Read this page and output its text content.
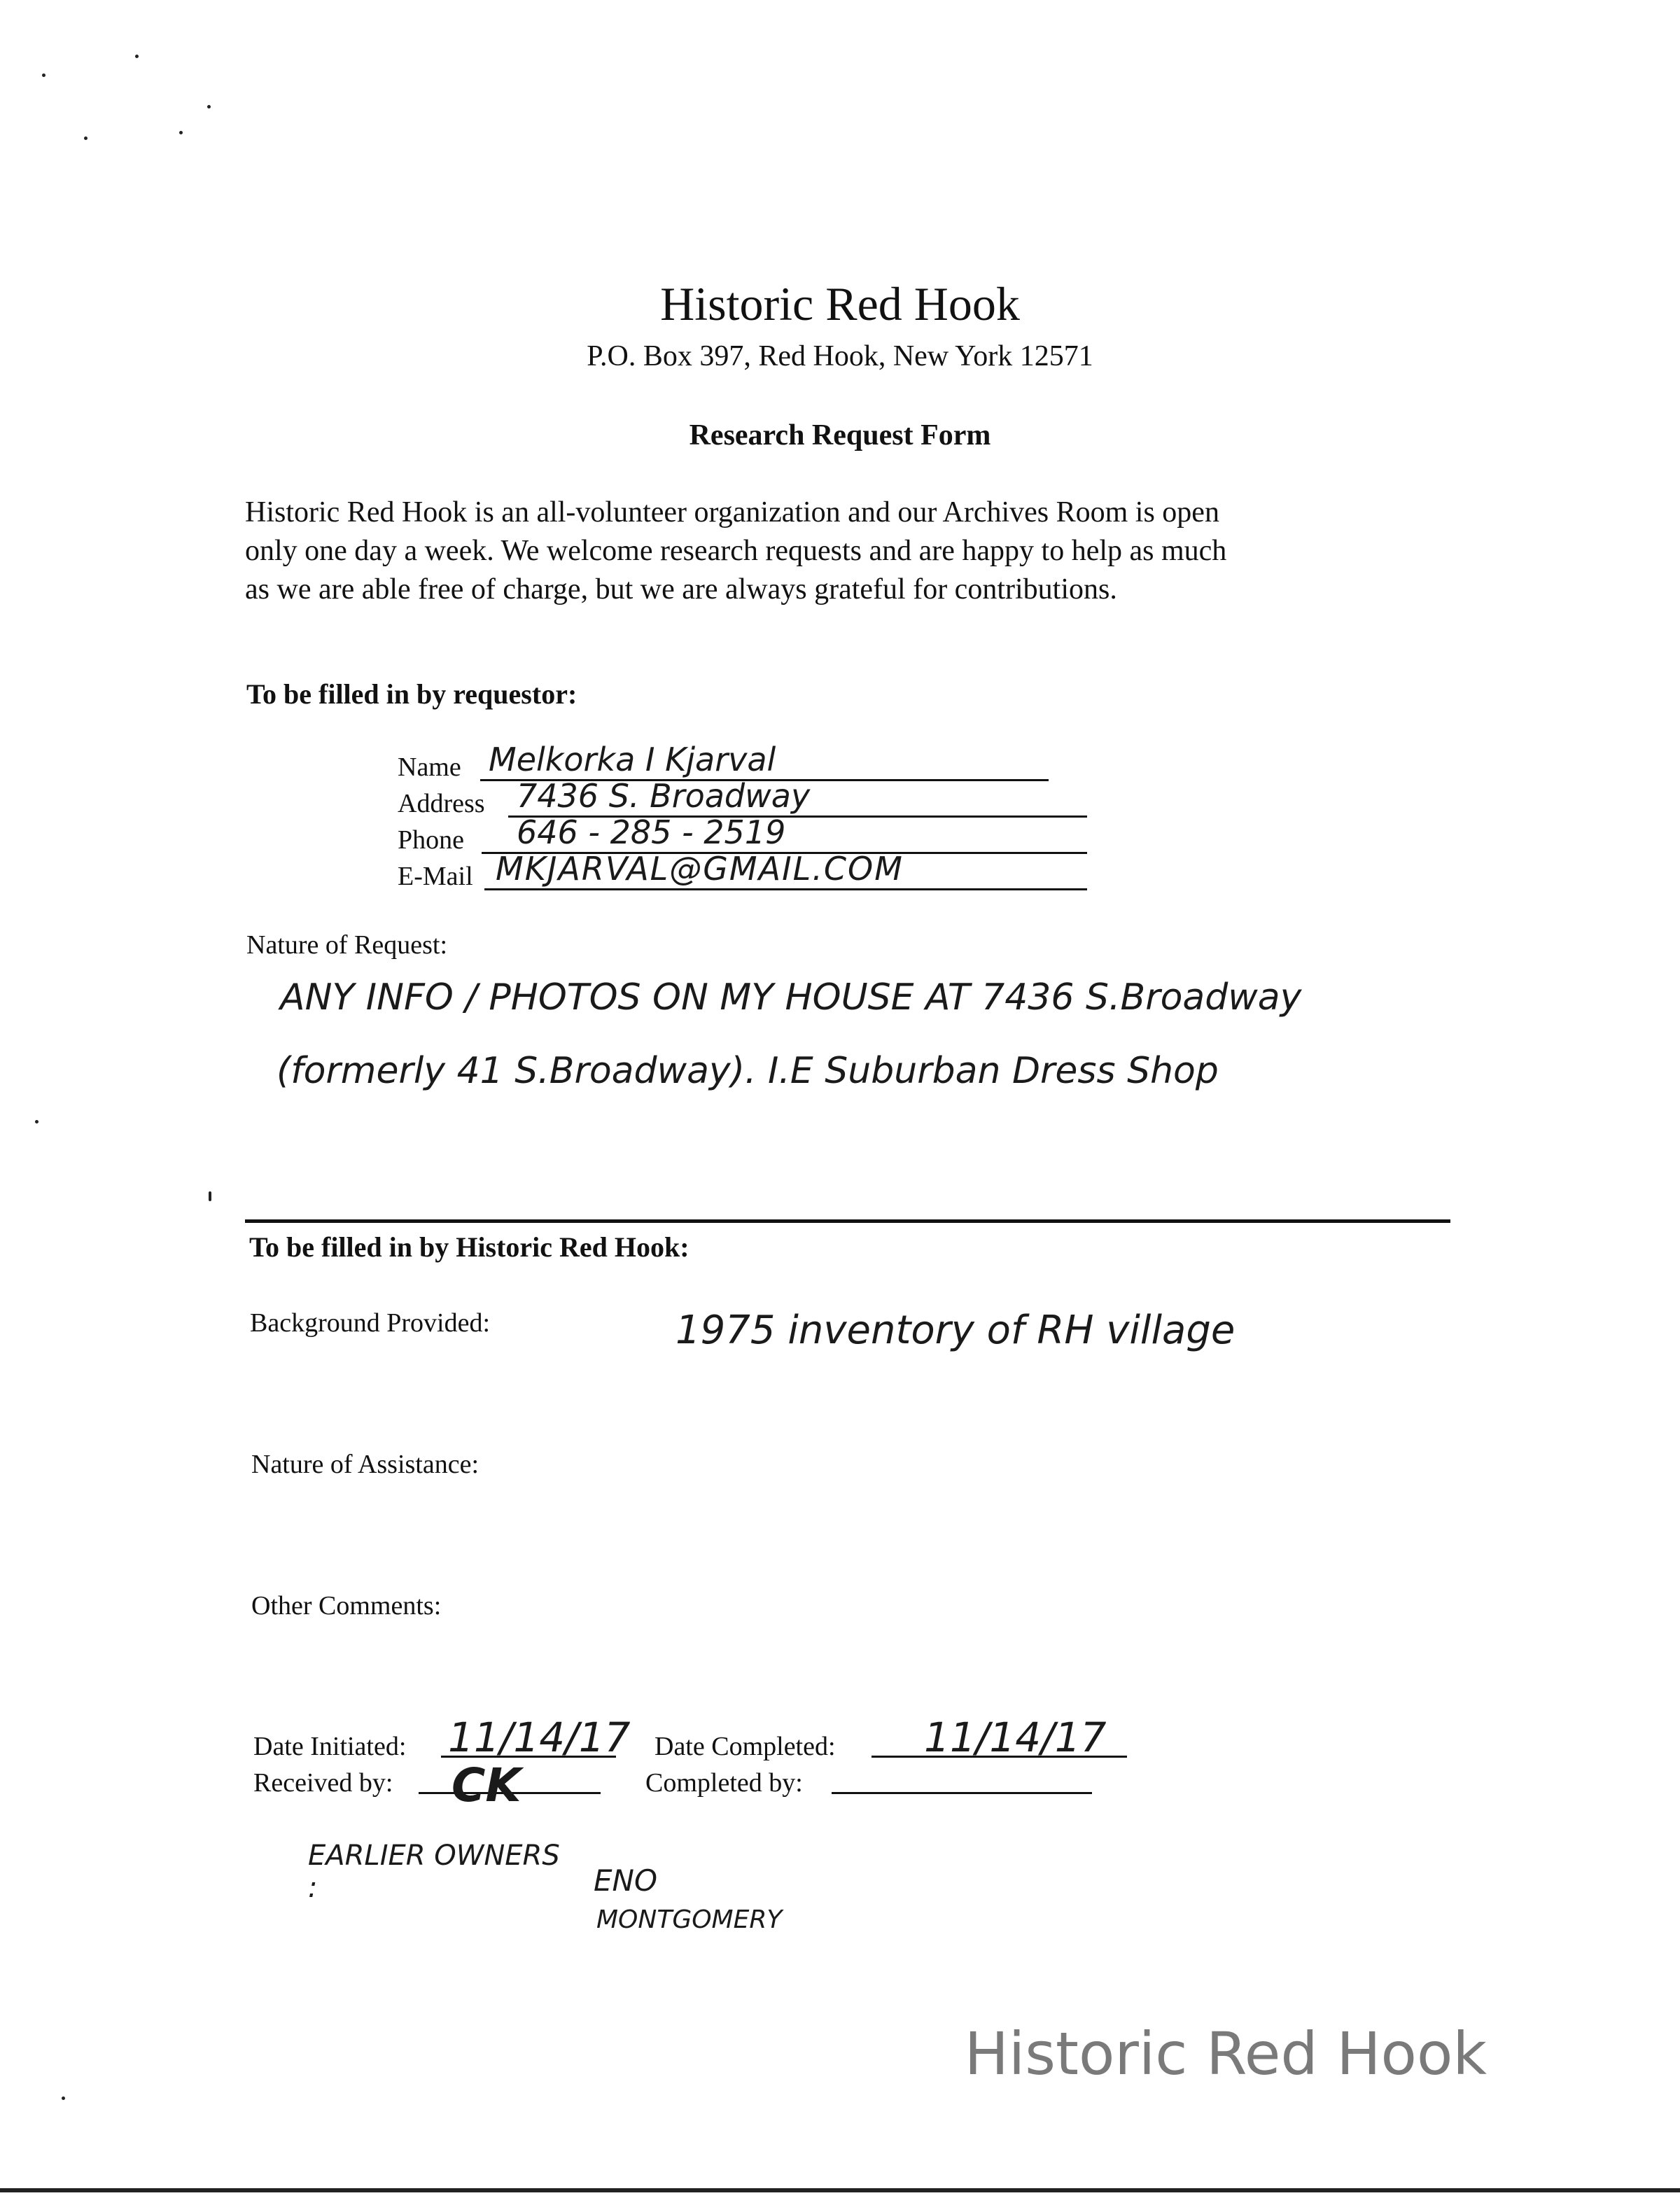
Historic Red Hook
P.O. Box 397, Red Hook, New York 12571
Research Request Form

Historic Red Hook is an all-volunteer organization and our Archives Room is open

only one day a week. We welcome research requests and are happy to help as much

as we are able free of charge, but we are always grateful for contributions.

To be filled in by requestor:
Name Melkorka I Kjarval
Address 7436 S. Broadway
Phone 646 - 285 - 2519
E-Mail MKJARVAL@GMAIL.COM
Nature of Request:
ANY INFO / PHOTOS ON MY HOUSE AT 7436 S.Broadway
(formerly 41 S.Broadway). I.E Suburban Dress Shop
To be filled in by Historic Red Hook:
Background Provided:	1975 inventory of RH village
Nature of Assistance:
Other Comments:
Date Initiated: 11/14/17 Date Completed: 11/14/17
Received by: CK	Completed by:
EARLIER OWNERS :	ENO
MONTGOMERY
Historic Red Hook
